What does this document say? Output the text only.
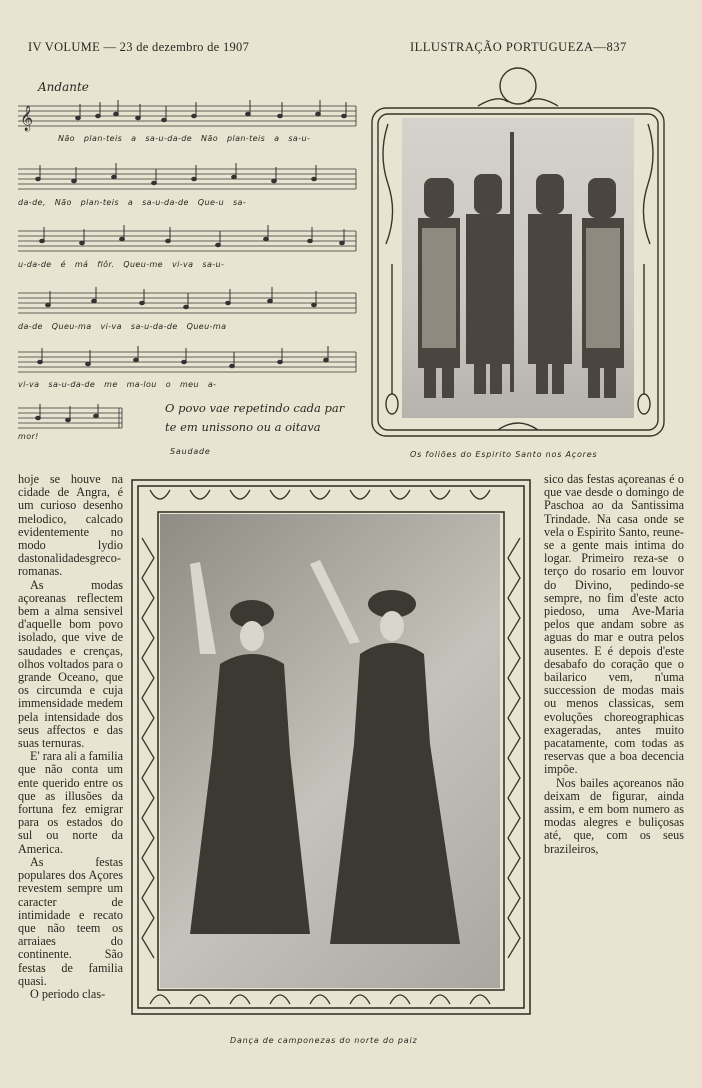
IV VOLUME — 23 de dezembro de 1907	ILLUSTRAÇÃO PORTUGUEZA—837
Andante
𝄞
Não plan-teis a sa-u-da-de Não plan-teis a sa-u-
da-de, Não plan-teis a sa-u-da-de Que-u sa-
u-da-de é má flôr. Queu-me vi-va sa-u-
da-de Queu-ma vi-va sa-u-da-de Queu-ma
vi-va sa-u-da-de me ma-lou o meu a-
mor!
O povo vae repetindo cada par
te em unissono ou a oitava
Saudade	Os foliões do Espirito Santo nos Açores

hoje se houve na cidade de Angra, é um curioso desenho melodico, calcado evidentemente no modo lydio dastonalidadesgreco-romanas.

As modas açoreanas reflectem bem a alma sensivel d'aquelle bom povo isolado, que vive de saudades e crenças, olhos voltados para o grande Oceano, que os circumda e cuja immensidade medem pela intensidade dos seus affectos e das suas ternuras.

E' rara ali a familia que não conta um ente querido entre os que as illusões da fortuna fez emigrar para os estados do sul ou norte da America.

As festas populares dos Açores revestem sempre um caracter de intimidade e recato que não teem os arraiaes do continente. São festas de familia quasi.

O periodo clas-

Dança de camponezas do norte do paiz

sico das festas açoreanas é o que vae desde o domingo de Paschoa ao da Santissima Trindade. Na casa onde se vela o Espirito Santo, reune-se a gente mais intima do logar. Primeiro reza-se o terço do rosario em louvor do Divino, pedindo-se sempre, no fim d'este acto piedoso, uma Ave-Maria pelos que andam sobre as aguas do mar e outra pelos ausentes. E é depois d'este desabafo do coração que o bailarico vem, n'uma succession de modas mais ou menos classicas, sem evoluções choreographicas exageradas, antes muito pacatamente, com todas as reservas que a boa decencia impõe.

Nos bailes açoreanos não deixam de figurar, ainda assim, e em bom numero as modas alegres e buliçosas até, que, com os seus brazileiros,
